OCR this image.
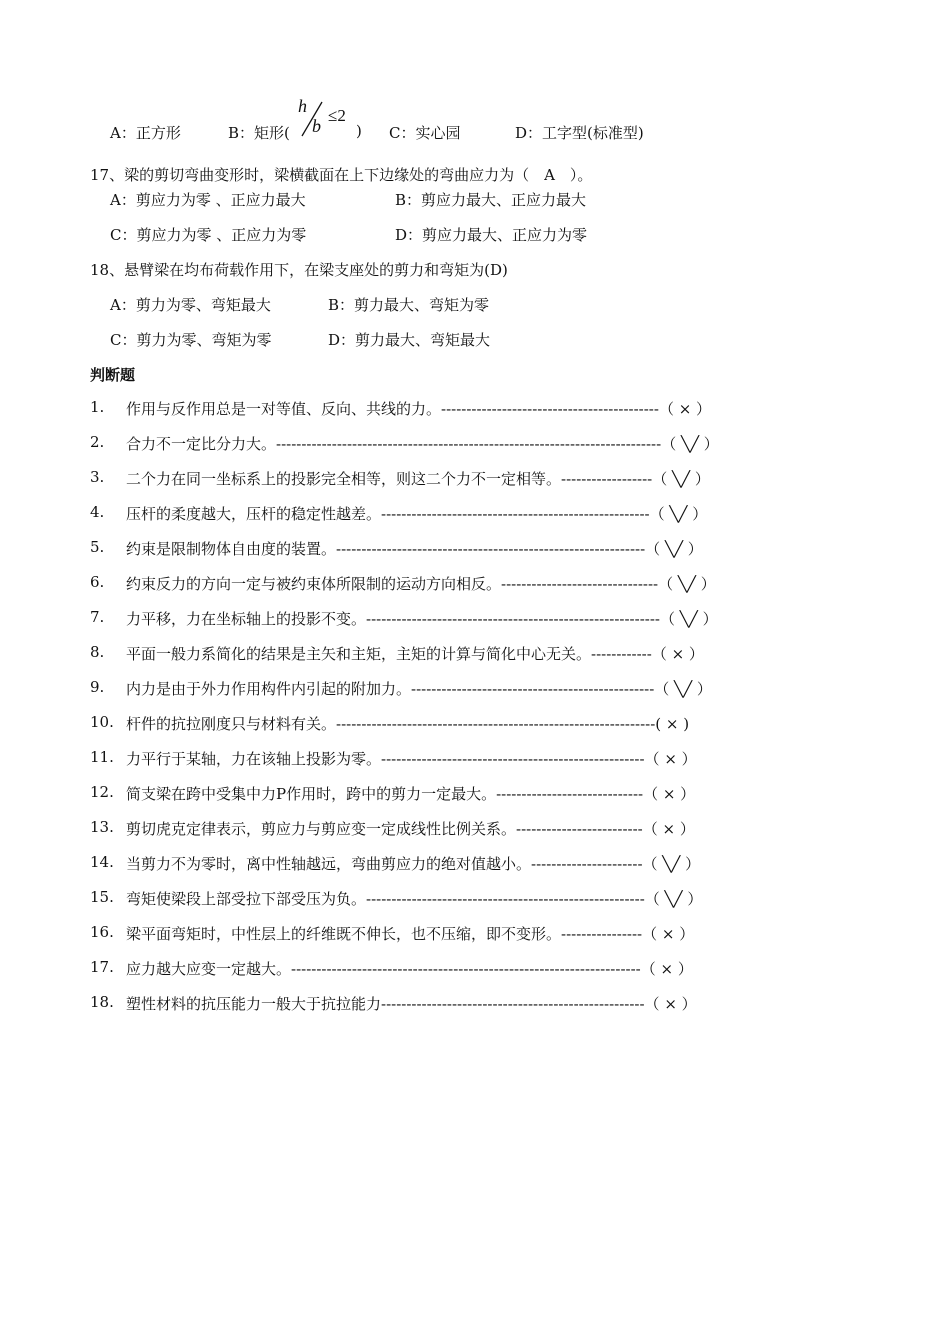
A：正方形	B：矩形(
h
b
≤2
) C：实心园	D：工字型(标准型)
17、梁的剪切弯曲变形时，梁横截面在上下边缘处的弯曲应力为（　A　）。
A：剪应力为零 、正应力最大	B：剪应力最大、正应力最大
C：剪应力为零 、正应力为零	D：剪应力最大、正应力为零
18、悬臂梁在均布荷载作用下，在梁支座处的剪力和弯矩为(D)
A：剪力为零、弯矩最大	B：剪力最大、弯矩为零
C：剪力为零、弯矩为零	D：剪力最大、弯矩最大
判断题
1. 作用与反作用总是一对等值、反向、共线的力。-------------------------------------------（ × ）
2. 合力不一定比分力大。----------------------------------------------------------------------------（ ╲╱ ）
3. 二个力在同一坐标系上的投影完全相等，则这二个力不一定相等。------------------（ ╲╱ ）
4. 压杆的柔度越大，压杆的稳定性越差。-----------------------------------------------------（ ╲╱ ）
5. 约束是限制物体自由度的装置。-------------------------------------------------------------（ ╲╱ ）
6. 约束反力的方向一定与被约束体所限制的运动方向相反。-------------------------------（ ╲╱ ）
7. 力平移，力在坐标轴上的投影不变。----------------------------------------------------------（ ╲╱ ）
8. 平面一般力系简化的结果是主矢和主矩，主矩的计算与简化中心无关。------------（ × ）
9. 内力是由于外力作用构件内引起的附加力。------------------------------------------------（ ╲╱ ）
10. 杆件的抗拉刚度只与材料有关。---------------------------------------------------------------( × )
11. 力平行于某轴，力在该轴上投影为零。----------------------------------------------------（ × ）
12. 简支梁在跨中受集中力P作用时，跨中的剪力一定最大。-----------------------------（ × ）
13. 剪切虎克定律表示，剪应力与剪应变一定成线性比例关系。-------------------------（ × ）
14. 当剪力不为零时，离中性轴越远，弯曲剪应力的绝对值越小。----------------------（ ╲╱ ）
15. 弯矩使梁段上部受拉下部受压为负。-------------------------------------------------------（ ╲╱ ）
16. 梁平面弯矩时，中性层上的纤维既不伸长，也不压缩，即不变形。----------------（ × ）
17. 应力越大应变一定越大。---------------------------------------------------------------------（ × ）
18. 塑性材料的抗压能力一般大于抗拉能力----------------------------------------------------（ × ）
